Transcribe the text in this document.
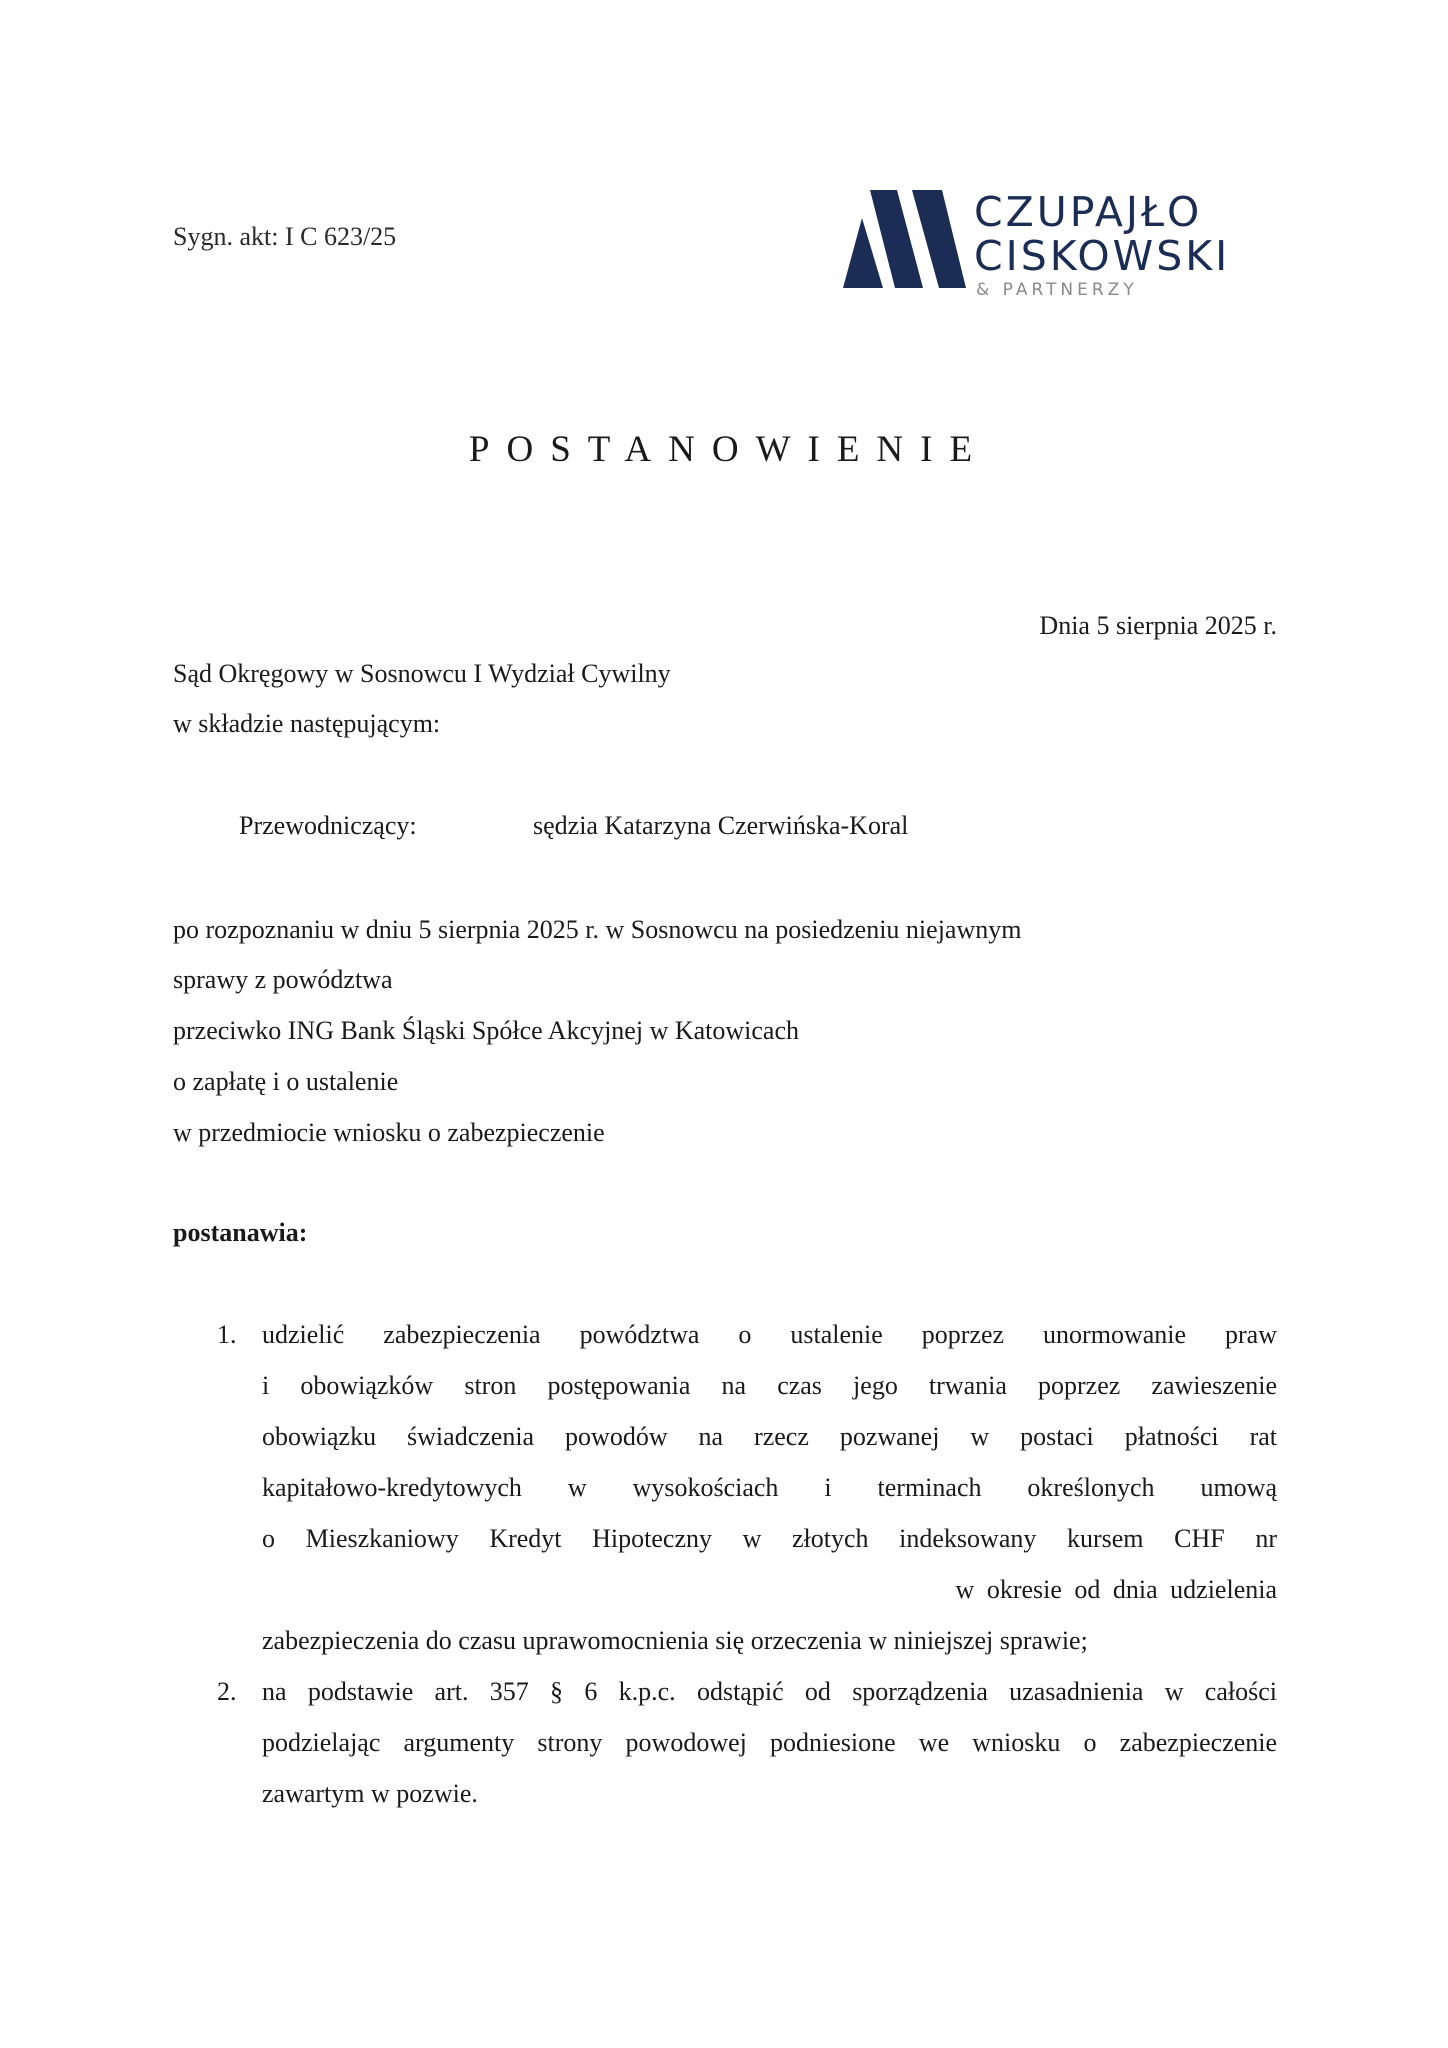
Sygn. akt: I C 623/25
CZUPAJŁO
CISKOWSKI
& PARTNERZY
POSTANOWIENIE
Dnia 5 sierpnia 2025 r.
Sąd Okręgowy w Sosnowcu I Wydział Cywilny
w składzie następującym:
Przewodniczący:	sędzia Katarzyna Czerwińska-Koral
po rozpoznaniu w dniu 5 sierpnia 2025 r. w Sosnowcu na posiedzeniu niejawnym
sprawy z powództwa
przeciwko ING Bank Śląski Spółce Akcyjnej w Katowicach
o zapłatę i o ustalenie
w przedmiocie wniosku o zabezpieczenie
postanawia:
1. udzielić zabezpieczenia powództwa o ustalenie poprzez unormowanie praw
i obowiązków stron postępowania na czas jego trwania poprzez zawieszenie
obowiązku świadczenia powodów na rzecz pozwanej w postaci płatności rat
kapitałowo-kredytowych w wysokościach i terminach określonych umową
o Mieszkaniowy Kredyt Hipoteczny w złotych indeksowany kursem CHF nr
w okresie od dnia udzielenia
zabezpieczenia do czasu uprawomocnienia się orzeczenia w niniejszej sprawie;
2. na podstawie art. 357 § 6 k.p.c. odstąpić od sporządzenia uzasadnienia w całości
podzielając argumenty strony powodowej podniesione we wniosku o zabezpieczenie
zawartym w pozwie.
